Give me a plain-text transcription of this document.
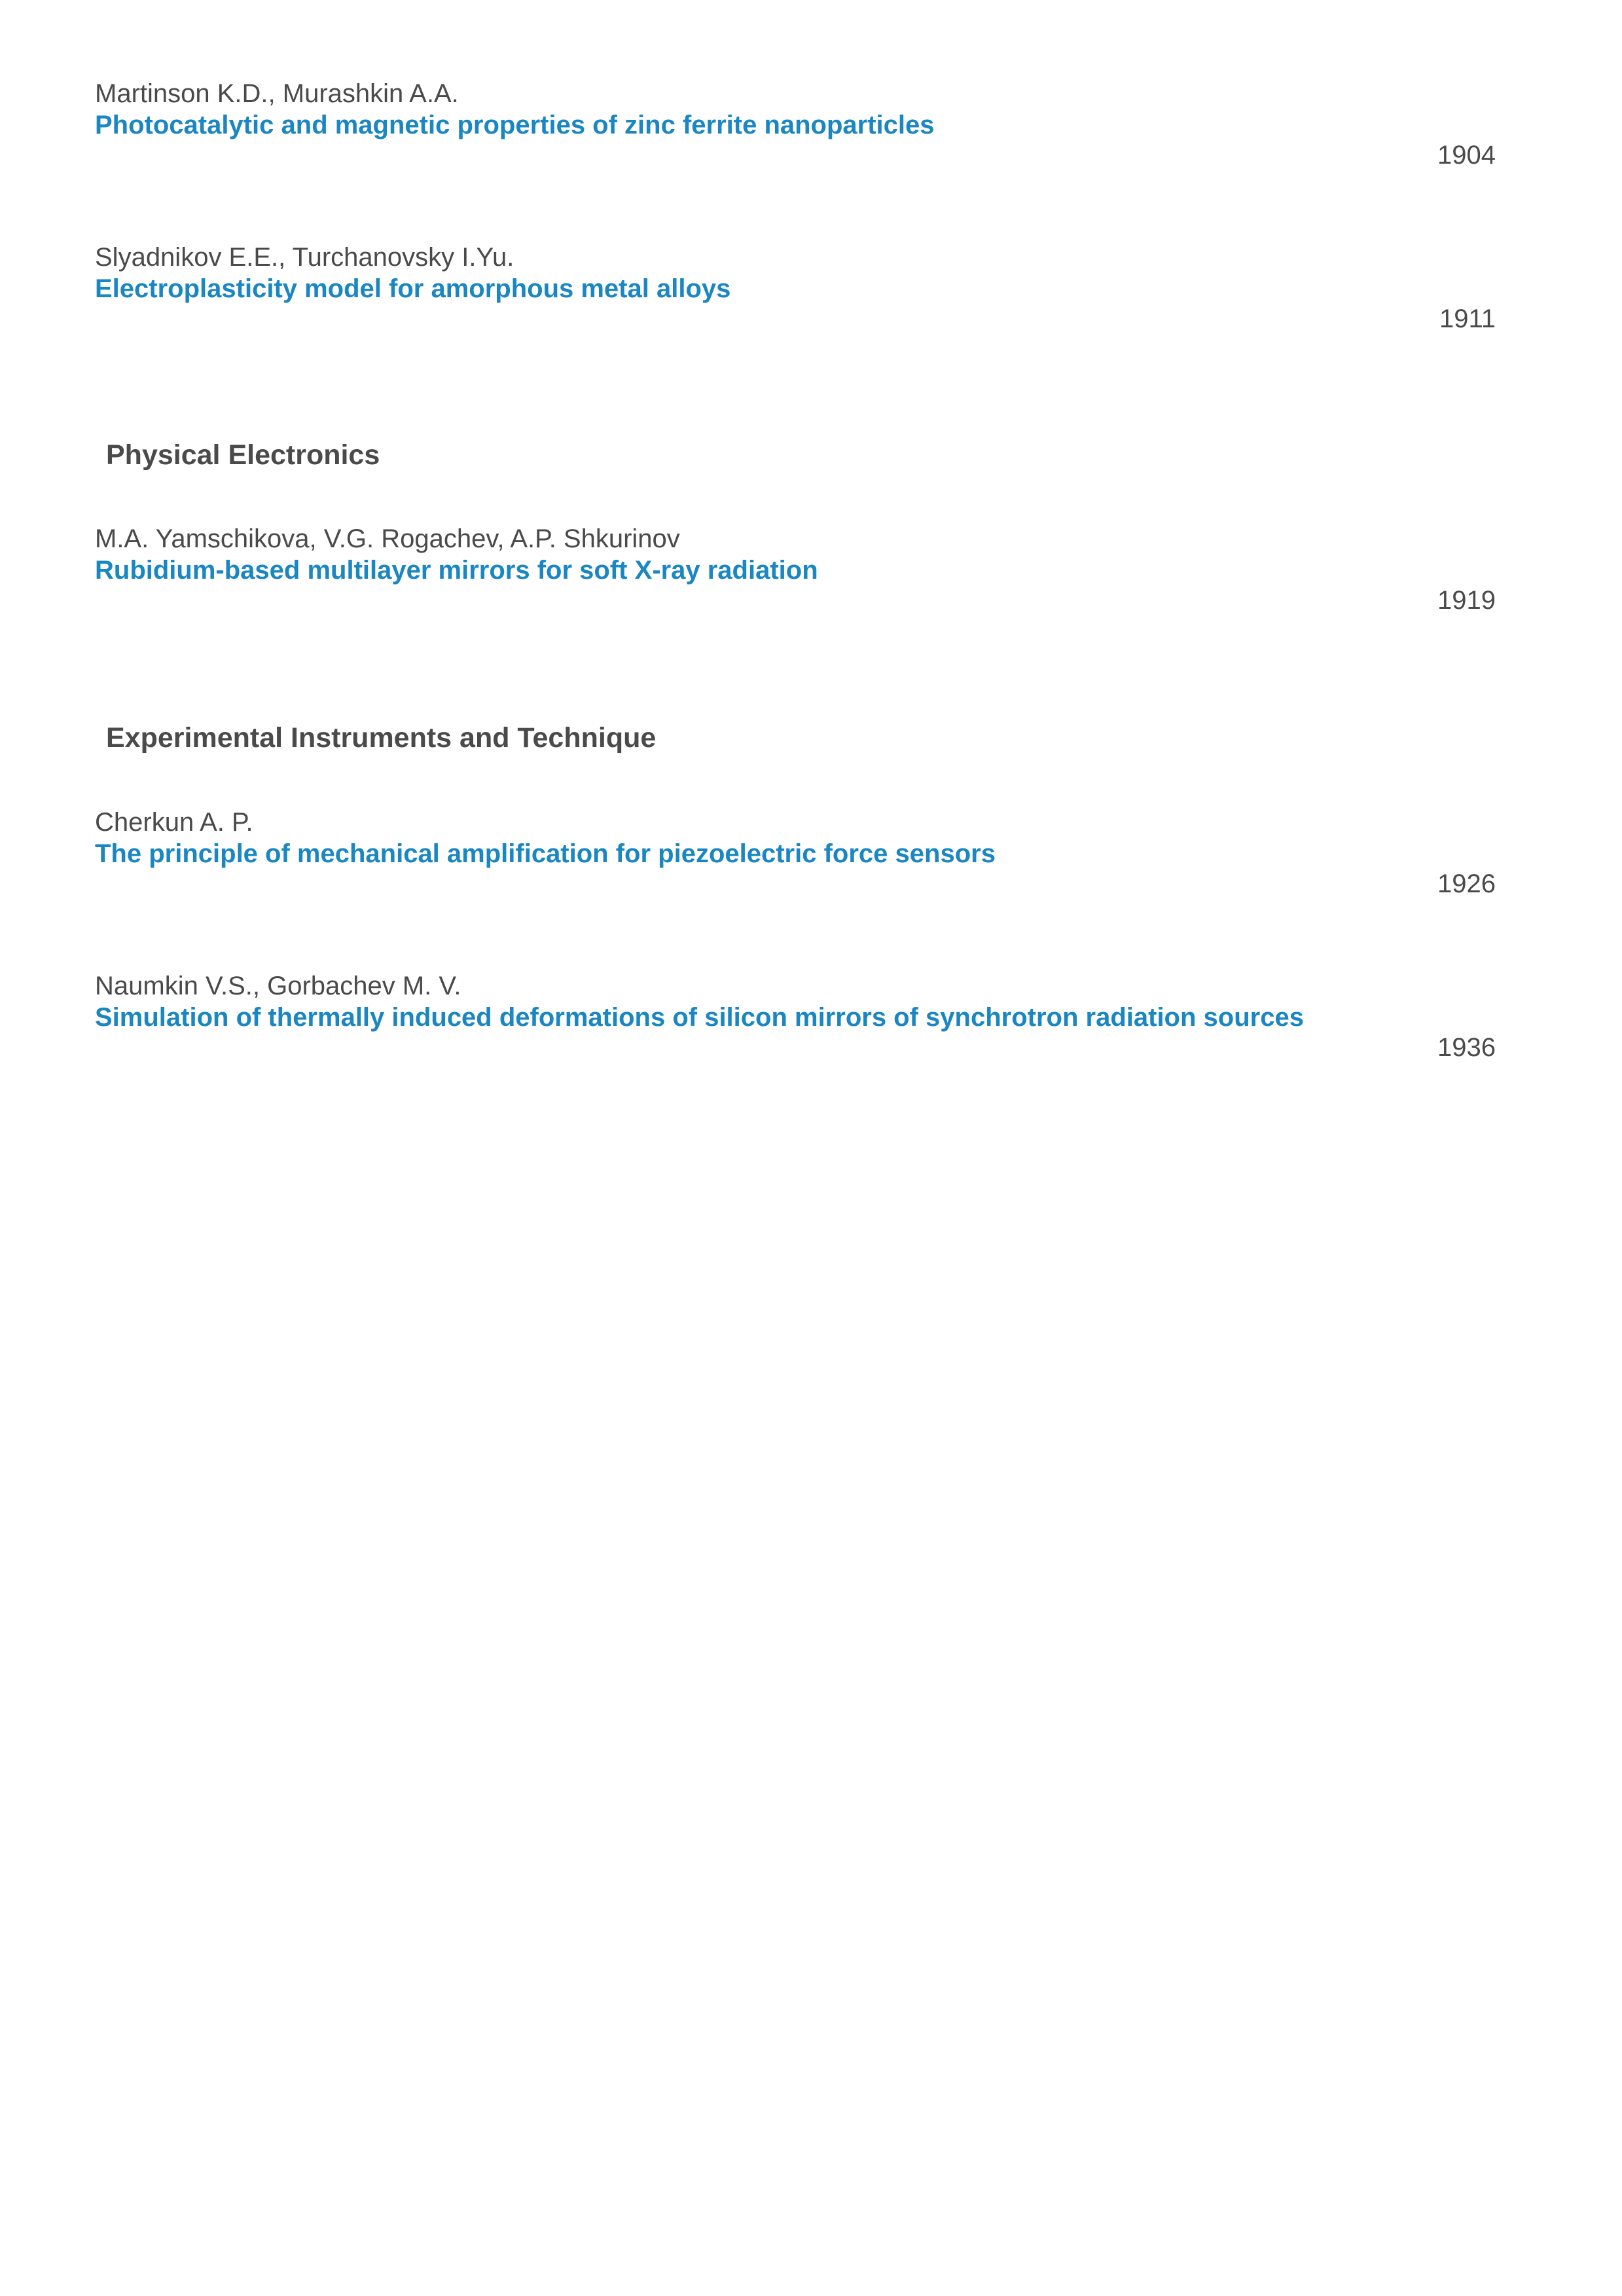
Martinson K.D., Murashkin A.A.
Photocatalytic and magnetic properties of zinc ferrite nanoparticles
1904
Slyadnikov E.E., Turchanovsky I.Yu.
Electroplasticity model for amorphous metal alloys
1911
Physical Electronics
M.A. Yamschikova, V.G. Rogachev, A.P. Shkurinov
Rubidium-based multilayer mirrors for soft X-ray radiation
1919
Experimental Instruments and Technique
Cherkun A. P.
The principle of mechanical amplification for piezoelectric force sensors
1926
Naumkin V.S., Gorbachev M. V.
Simulation of thermally induced deformations of silicon mirrors of synchrotron radiation sources
1936
